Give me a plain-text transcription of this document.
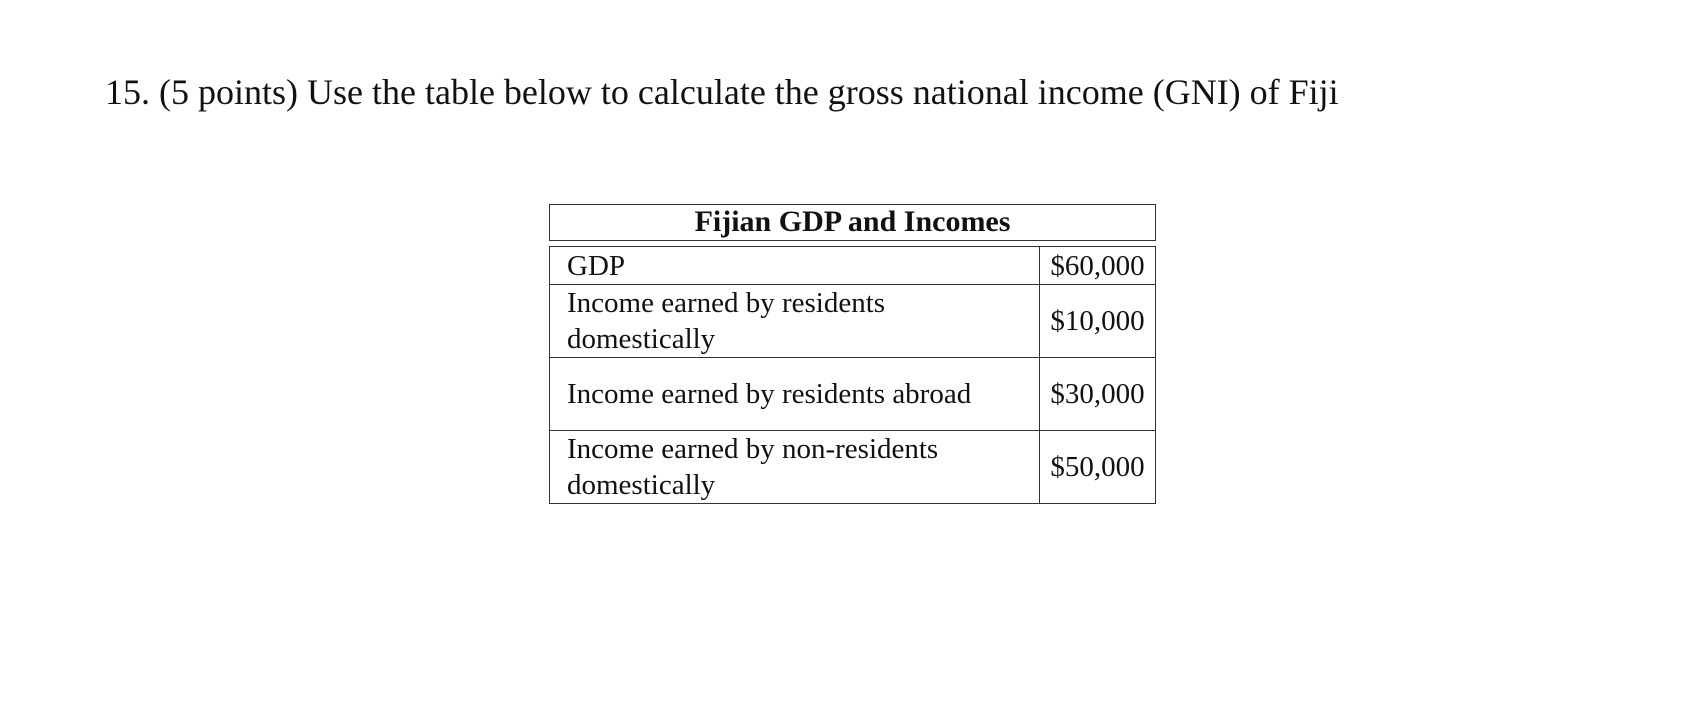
15. (5 points) Use the table below to calculate the gross national income (GNI) of Fiji
Fijian GDP and Incomes
GDP	$60,000
Income earned by residents domestically	$10,000
Income earned by residents abroad	$30,000
Income earned by non-residents domestically	$50,000
